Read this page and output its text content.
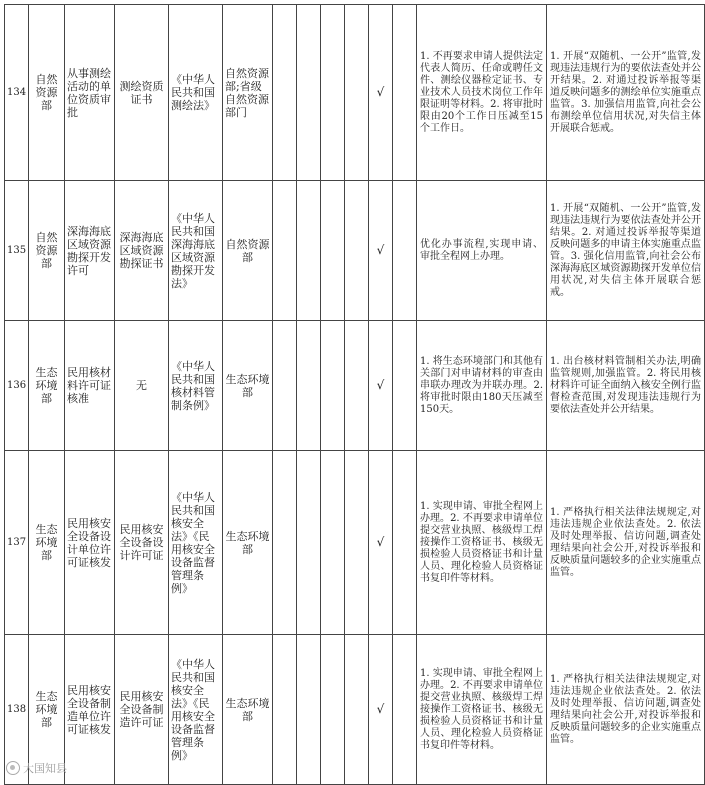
134	自然资源部	从事测绘活动的单位资质审批	测绘资质证书	《中华人民共和国测绘法》	自然资源部;省级自然资源部门					√		1. 不再要求申请人提供法定代表人简历、任命或聘任文件、测绘仪器检定证书、专业技术人员技术岗位工作年限证明等材料。2. 将审批时限由20个工作日压减至15个工作日。	1. 开展“双随机、一公开”监管,发现违法违规行为的要依法查处并公开结果。2. 对通过投诉举报等渠道反映问题多的测绘单位实施重点监管。3. 加强信用监管,向社会公布测绘单位信用状况,对失信主体开展联合惩戒。
135	自然资源部	深海海底区域资源勘探开发许可	深海海底区域资源勘探证书	《中华人民共和国深海海底区域资源勘探开发法》	自然资源部					√		优化办事流程,实现申请、审批全程网上办理。	1. 开展“双随机、一公开”监管,发现违法违规行为要依法查处并公开结果。2. 对通过投诉举报等渠道反映问题多的申请主体实施重点监管。3. 强化信用监管,向社会公布深海海底区域资源勘探开发单位信用状况,对失信主体开展联合惩戒。
136	生态环境部	民用核材料许可证核准	无	《中华人民共和国核材料管制条例》	生态环境部					√		1. 将生态环境部门和其他有关部门对申请材料的审查由串联办理改为并联办理。2. 将审批时限由180天压减至150天。	1. 出台核材料管制相关办法,明确监管规则,加强监管。2. 将民用核材料许可证全面纳入核安全例行监督检查范围,对发现违法违规行为要依法查处并公开结果。
137	生态环境部	民用核安全设备设计单位许可证核发	民用核安全设备设计许可证	《中华人民共和国核安全法》《民用核安全设备监督管理条例》	生态环境部					√		1. 实现申请、审批全程网上办理。2. 不再要求申请单位提交营业执照、核级焊工焊接操作工资格证书、核级无损检验人员资格证书和计量人员、理化检验人员资格证书复印件等材料。	1. 严格执行相关法律法规规定,对违法违规企业依法查处。2. 依法及时处理举报、信访问题,调查处理结果向社会公开,对投诉举报和反映质量问题较多的企业实施重点监管。
138	生态环境部	民用核安全设备制造单位许可证核发	民用核安全设备制造许可证	《中华人民共和国核安全法》《民用核安全设备监督管理条例》	生态环境部					√		1. 实现申请、审批全程网上办理。2. 不再要求申请单位提交营业执照、核级焊工焊接操作工资格证书、核级无损检验人员资格证书和计量人员、理化检验人员资格证书复印件等材料。	1. 严格执行相关法律法规规定,对违法违规企业依法查处。2. 依法及时处理举报、信访问题,调查处理结果向社会公开,对投诉举报和反映质量问题较多的企业实施重点监管。
大国知县
